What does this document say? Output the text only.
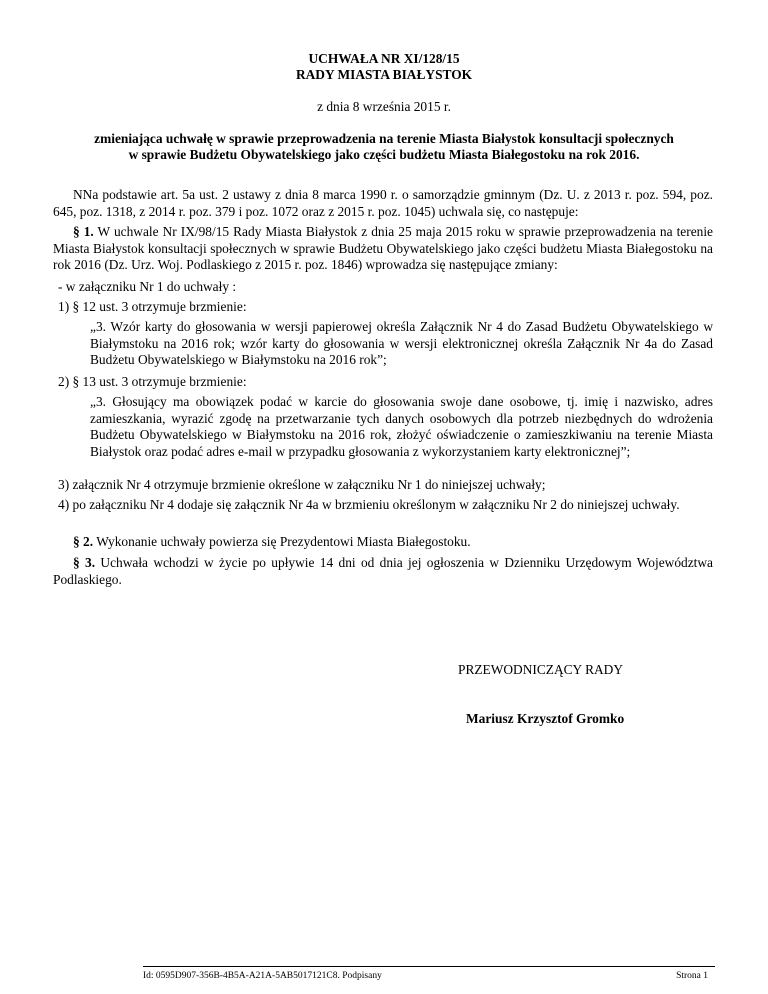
UCHWAŁA NR XI/128/15
RADY MIASTA BIAŁYSTOK
z dnia 8 września 2015 r.
zmieniająca uchwałę w sprawie przeprowadzenia na terenie Miasta Białystok konsultacji społecznych
w sprawie Budżetu Obywatelskiego jako części budżetu Miasta Białegostoku na rok 2016.
NNa podstawie art. 5a ust. 2 ustawy z dnia 8 marca 1990 r. o samorządzie gminnym (Dz. U. z 2013 r. poz. 594, poz. 645, poz. 1318, z 2014 r. poz. 379 i poz. 1072 oraz z 2015 r. poz. 1045) uchwala się, co następuje:
§ 1. W uchwale Nr IX/98/15 Rady Miasta Białystok z dnia 25 maja 2015 roku w sprawie przeprowadzenia na terenie Miasta Białystok konsultacji społecznych w sprawie Budżetu Obywatelskiego jako części budżetu Miasta Białegostoku na rok 2016 (Dz. Urz. Woj. Podlaskiego z 2015 r. poz. 1846) wprowadza się następujące zmiany:
- w załączniku Nr 1 do uchwały :
1) § 12 ust. 3 otrzymuje brzmienie:
„3. Wzór karty do głosowania w wersji papierowej określa Załącznik Nr 4 do Zasad Budżetu Obywatelskiego w Białymstoku na 2016 rok; wzór karty do głosowania w wersji elektronicznej określa Załącznik Nr 4a do Zasad Budżetu Obywatelskiego w Białymstoku na 2016 rok”;
2) § 13 ust. 3 otrzymuje brzmienie:
„3. Głosujący ma obowiązek podać w karcie do głosowania swoje dane osobowe, tj. imię i nazwisko, adres zamieszkania, wyrazić zgodę na przetwarzanie tych danych osobowych dla potrzeb niezbędnych do wdrożenia Budżetu Obywatelskiego w Białymstoku na 2016 rok, złożyć oświadczenie o zamieszkiwaniu na terenie Miasta Białystok oraz podać adres e-mail w przypadku głosowania z wykorzystaniem karty elektronicznej”;
3) załącznik Nr 4 otrzymuje brzmienie określone w załączniku Nr 1 do niniejszej uchwały;
4) po załączniku Nr 4 dodaje się załącznik Nr 4a w brzmieniu określonym w załączniku Nr 2 do niniejszej uchwały.
§ 2. Wykonanie uchwały powierza się Prezydentowi Miasta Białegostoku.
§ 3. Uchwała wchodzi w życie po upływie 14 dni od dnia jej ogłoszenia w Dzienniku Urzędowym Województwa Podlaskiego.
PRZEWODNICZĄCY RADY
Mariusz Krzysztof Gromko
Id: 0595D907-356B-4B5A-A21A-5AB5017121C8. Podpisany	Strona 1
